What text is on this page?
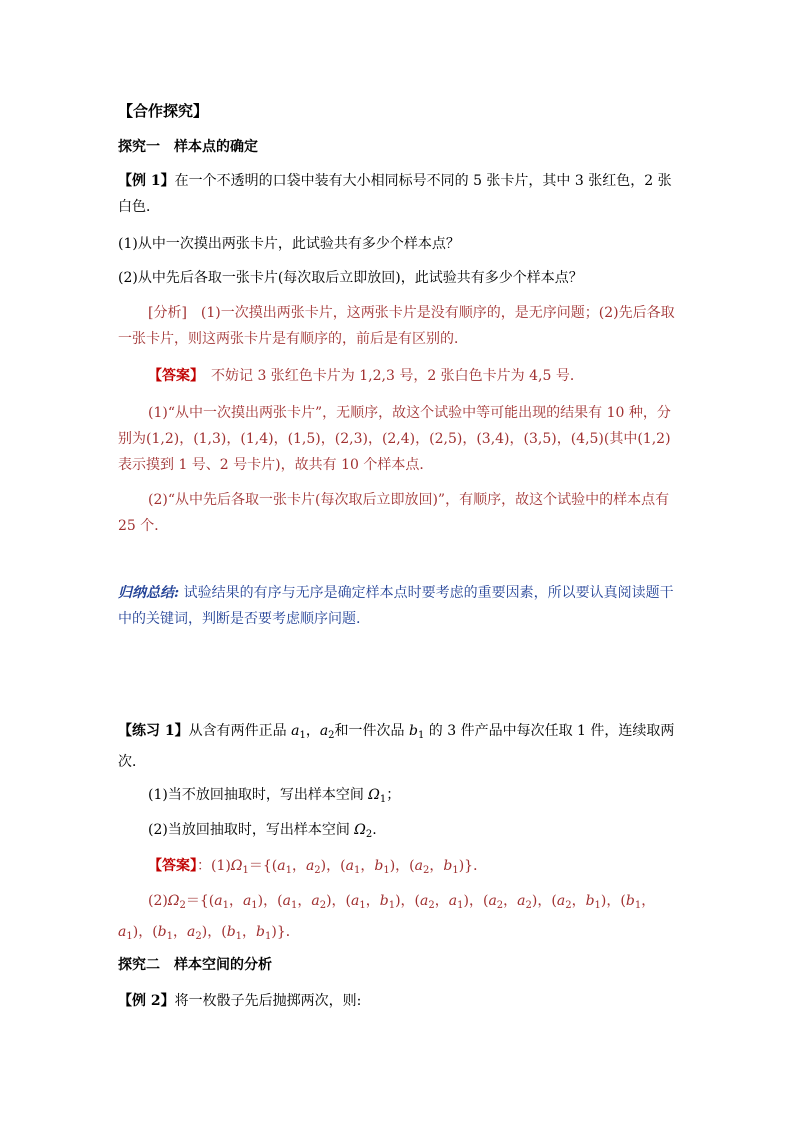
【合作探究】
探究一　 样本点的确定
【例 1】在一个不透明的口袋中装有大小相同标号不同的 5 张卡片，其中 3 张红色，2 张白色．
(1)从中一次摸出两张卡片，此试验共有多少个样本点？
(2)从中先后各取一张卡片(每次取后立即放回)，此试验共有多少个样本点？
[分析]　(1)一次摸出两张卡片，这两张卡片是没有顺序的，是无序问题；(2)先后各取一张卡片，则这两张卡片是有顺序的，前后是有区别的．
【答案】　不妨记 3 张红色卡片为 1,2,3 号，2 张白色卡片为 4,5 号．
(1)“从中一次摸出两张卡片”，无顺序，故这个试验中等可能出现的结果有 10 种，分别为(1,2)，(1,3)，(1,4)，(1,5)，(2,3)，(2,4)，(2,5)，(3,4)，(3,5)，(4,5)(其中(1,2)表示摸到 1 号、2 号卡片)，故共有 10 个样本点．
(2)“从中先后各取一张卡片(每次取后立即放回)”，有顺序，故这个试验中的样本点有 25 个．
归纳总结: 试验结果的有序与无序是确定样本点时要考虑的重要因素，所以要认真阅读题干中的关键词，判断是否要考虑顺序问题.
【练习 1】从含有两件正品 $a_1$，$a_2$和一件次品 $b_1$ 的 3 件产品中每次任取 1 件，连续取两次．
(1)当不放回抽取时，写出样本空间 $\Omega_1$；
(2)当放回抽取时，写出样本空间 $\Omega_2$.
【答案】：$(1)\Omega_1=\{(a_1$，$a_2$)，($a_1$，$b_1$)，($a_2$，$b_1$)}．
$(2)\Omega_2=\{(a_1$，$a_1$)，($a_1$，$a_2$)，($a_1$，$b_1$)，($a_2$，$a_1$)，($a_2$，$a_2$)，($a_2$，$b_1$)，($b_1$，$a_1$)，($b_1$，$a_2$)，($b_1$，$b_1$)}．
探究二　 样本空间的分析
【例 2】将一枚骰子先后抛掷两次，则:
